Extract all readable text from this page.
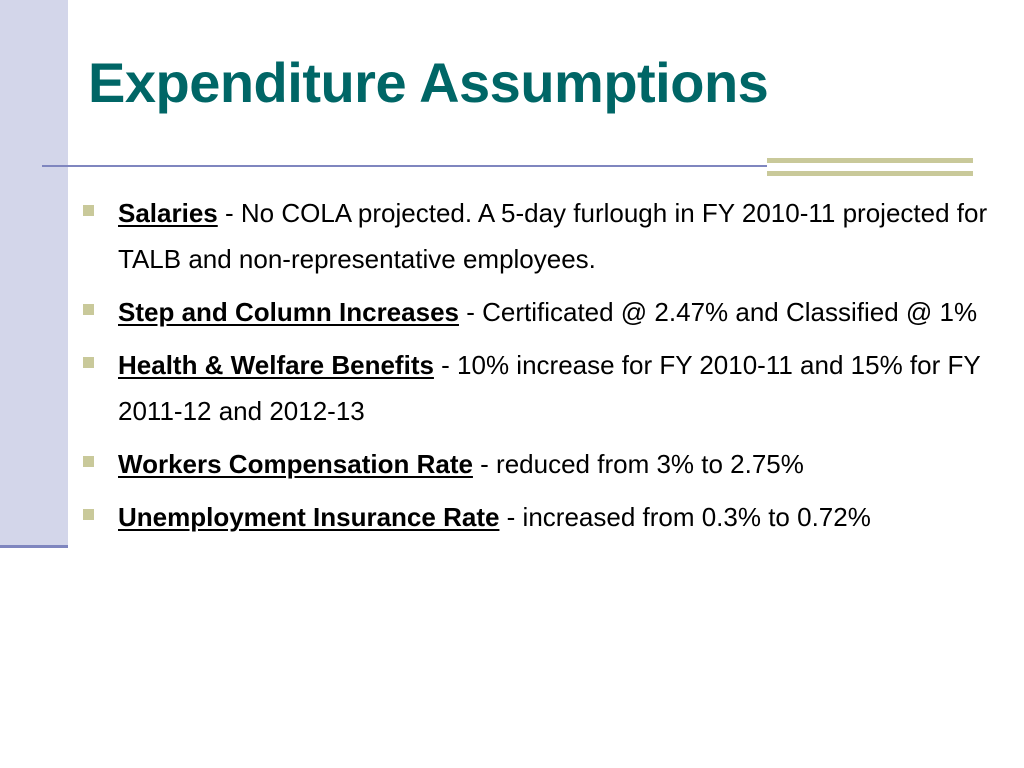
Expenditure Assumptions
Salaries - No COLA projected. A 5-day furlough in FY 2010-11 projected for TALB and non-representative employees.
Step and Column Increases - Certificated @ 2.47% and Classified @ 1%
Health & Welfare Benefits - 10% increase for FY 2010-11 and 15% for FY 2011-12 and 2012-13
Workers Compensation Rate - reduced from 3% to 2.75%
Unemployment Insurance Rate - increased from 0.3% to 0.72%
